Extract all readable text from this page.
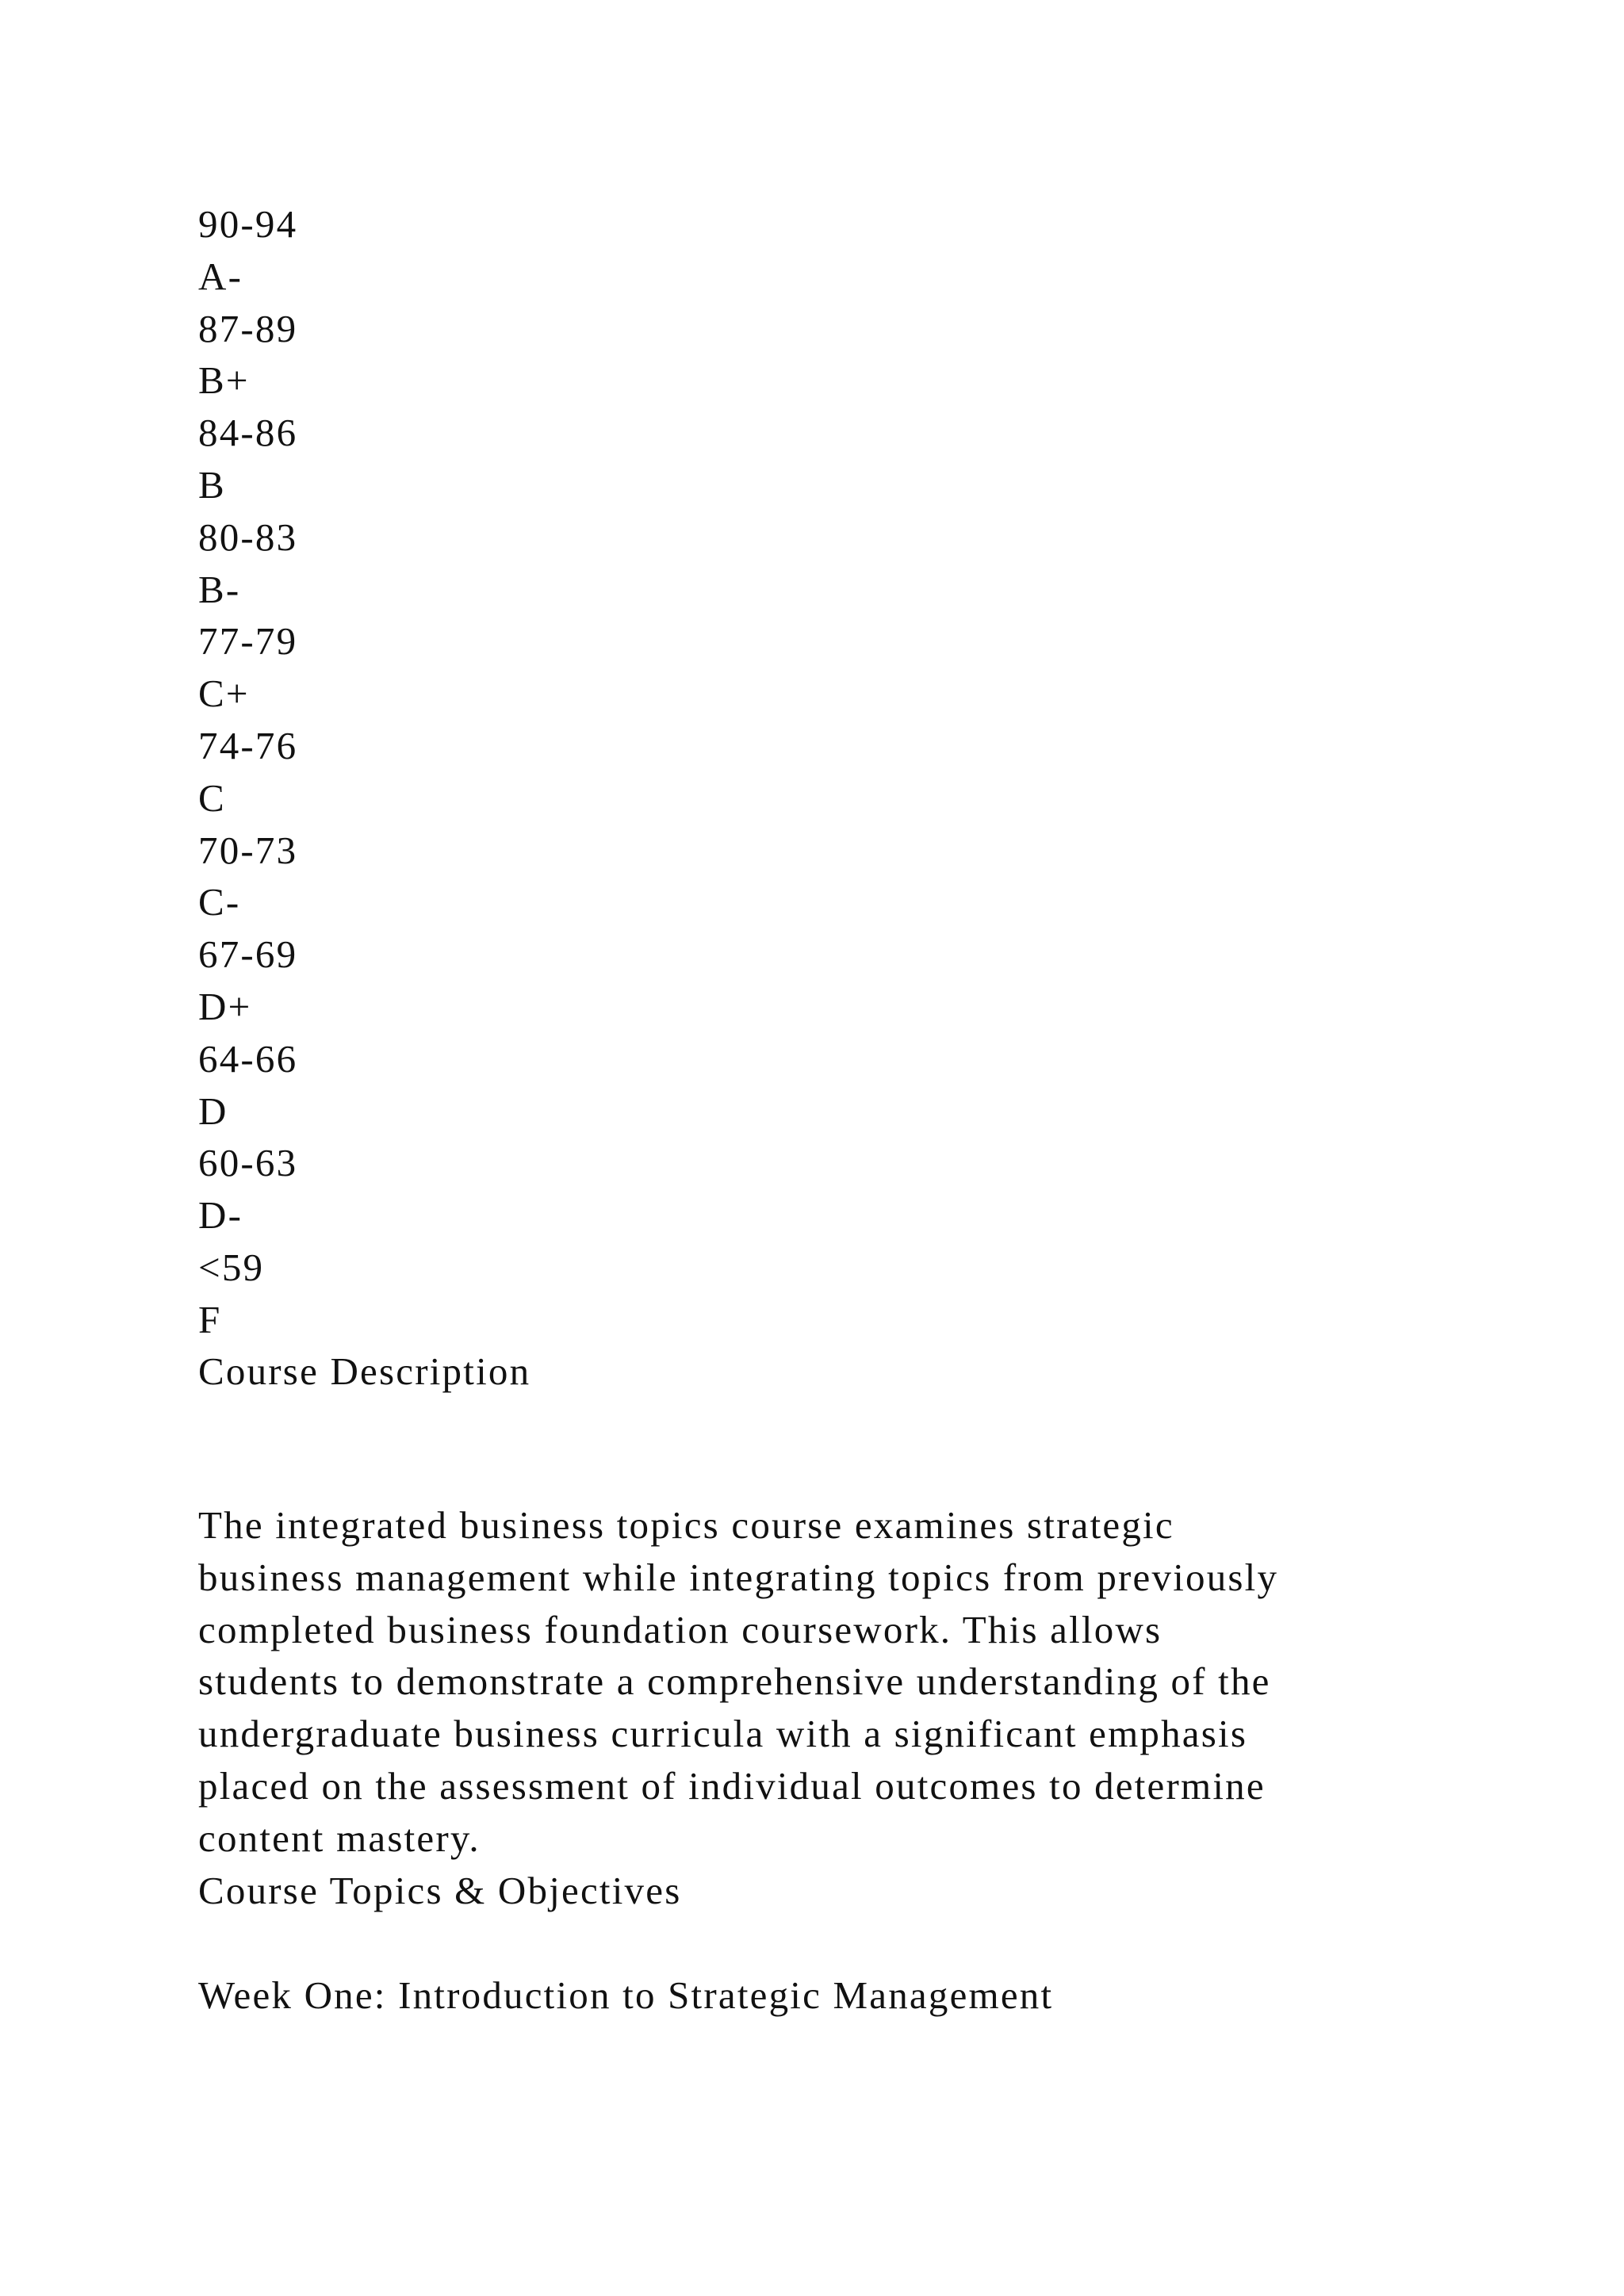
90-94
A-
87-89
B+
84-86
B
80-83
B-
77-79
C+
74-76
C
70-73
C-
67-69
D+
64-66
D
60-63
D-
<59
F
Course Description

The integrated business topics course examines strategic
business management while integrating topics from previously
completed business foundation coursework. This allows
students to demonstrate a comprehensive understanding of the
undergraduate business curricula with a significant emphasis
placed on the assessment of individual outcomes to determine
content mastery.

Course Topics & Objectives
Week One: Introduction to Strategic Management
